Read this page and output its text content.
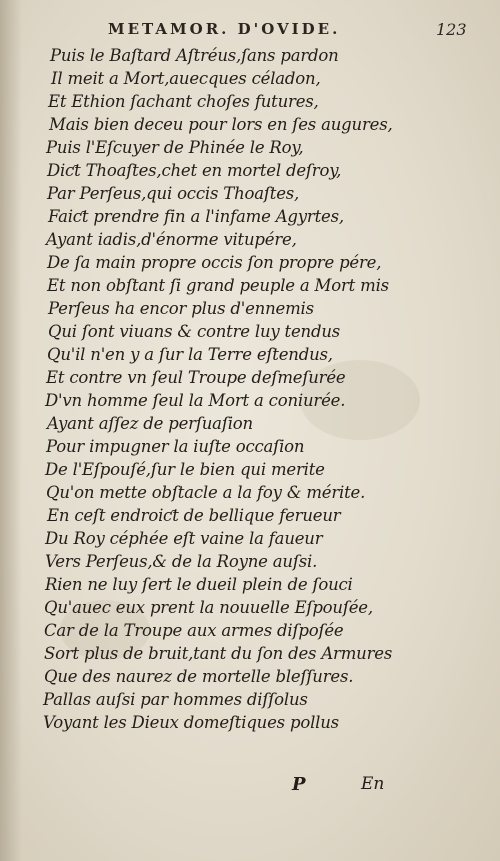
METAMOR. D'OVIDE.	123
Puis le Baſtard Aſtréus,ſans pardon
Il meit a Mort,auecques céladon,
Et Ethion ſachant choſes futures,
Mais bien deceu pour lors en ſes augures,
Puis l'Eſcuyer de Phinée le Roy,
Diƈt Thoaſtes,chet en mortel deſroy,
Par Perſeus,qui occis Thoaſtes,
Faiƈt prendre fin a l'infame Agyrtes,
Ayant iadis,d'énorme vitupére,
De ſa main propre occis ſon propre pére,
Et non obſtant ſi grand peuple a Mort mis
Perſeus ha encor plus d'ennemis
Qui ſont viuans & contre luy tendus
Qu'il n'en y a ſur la Terre eſtendus,
Et contre vn ſeul Troupe deſmeſurée
D'vn homme ſeul la Mort a coniurée.
Ayant aſſez de perſuaſion
Pour impugner la iuſte occaſion
De l'Eſpouſé,ſur le bien qui merite
Qu'on mette obſtacle a la foy & mérite.
En ceſt endroiƈt de bellique ferueur
Du Roy céphée eſt vaine la faueur
Vers Perſeus,& de la Royne auſsi.
Rien ne luy ſert le dueil plein de ſouci
Qu'auec eux prent la nouuelle Eſpouſée,
Car de la Troupe aux armes diſpoſée
Sort plus de bruit,tant du ſon des Armures
Que des naurez de mortelle bleſſures.
Pallas auſsi par hommes diſſolus
Voyant les Dieux domeſtiques pollus
P	En
